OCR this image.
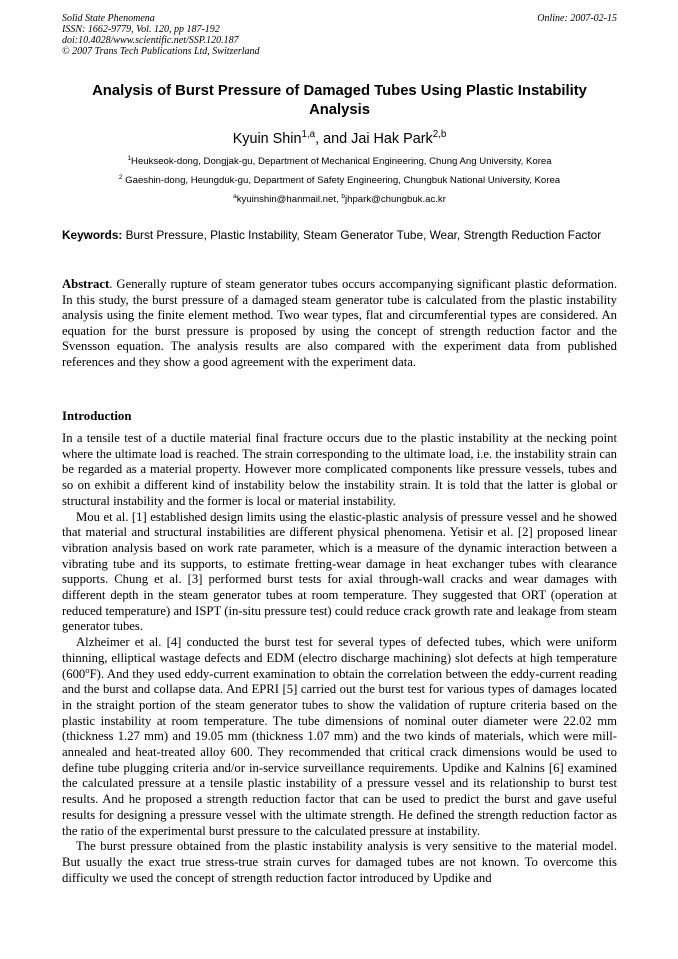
Solid State Phenomena
ISSN: 1662-9779, Vol. 120, pp 187-192
doi:10.4028/www.scientific.net/SSP.120.187
© 2007 Trans Tech Publications Ltd, Switzerland
Online: 2007-02-15
Analysis of Burst Pressure of Damaged Tubes Using Plastic Instability
Analysis
Kyuin Shin$^{1,a}$, and Jai Hak Park$^{2,b}$
$^1$Heukseok-dong, Dongjak-gu, Department of Mechanical Engineering, Chung Ang University, Korea
$^2$ Gaeshin-dong, Heungduk-gu, Department of Safety Engineering, Chungbuk National University, Korea
$^a$kyuinshin@hanmail.net, $^b$jhpark@chungbuk.ac.kr
Keywords: Burst Pressure, Plastic Instability, Steam Generator Tube, Wear, Strength Reduction Factor
Abstract. Generally rupture of steam generator tubes occurs accompanying significant plastic deformation. In this study, the burst pressure of a damaged steam generator tube is calculated from the plastic instability analysis using the finite element method. Two wear types, flat and circumferential types are considered. An equation for the burst pressure is proposed by using the concept of strength reduction factor and the Svensson equation. The analysis results are also compared with the experiment data from published references and they show a good agreement with the experiment data.
Introduction

In a tensile test of a ductile material final fracture occurs due to the plastic instability at the necking point where the ultimate load is reached. The strain corresponding to the ultimate load, i.e. the instability strain can be regarded as a material property. However more complicated components like pressure vessels, tubes and so on exhibit a different kind of instability below the instability strain. It is told that the latter is global or structural instability and the former is local or material instability.

Mou et al. [1] established design limits using the elastic-plastic analysis of pressure vessel and he showed that material and structural instabilities are different physical phenomena. Yetisir et al. [2] proposed linear vibration analysis based on work rate parameter, which is a measure of the dynamic interaction between a vibrating tube and its supports, to estimate fretting-wear damage in heat exchanger tubes with clearance supports. Chung et al. [3] performed burst tests for axial through-wall cracks and wear damages with different depth in the steam generator tubes at room temperature. They suggested that ORT (operation at reduced temperature) and ISPT (in-situ pressure test) could reduce crack growth rate and leakage from steam generator tubes.

Alzheimer et al. [4] conducted the burst test for several types of defected tubes, which were uniform thinning, elliptical wastage defects and EDM (electro discharge machining) slot defects at high temperature (600$^o$F). And they used eddy-current examination to obtain the correlation between the eddy-current reading and the burst and collapse data. And EPRI [5] carried out the burst test for various types of damages located in the straight portion of the steam generator tubes to show the validation of rupture criteria based on the plastic instability at room temperature. The tube dimensions of nominal outer diameter were 22.02 mm (thickness 1.27 mm) and 19.05 mm (thickness 1.07 mm) and the two kinds of materials, which were mill-annealed and heat-treated alloy 600. They recommended that critical crack dimensions would be used to define tube plugging criteria and/or in-service surveillance requirements. Updike and Kalnins [6] examined the calculated pressure at a tensile plastic instability of a pressure vessel and its relationship to burst test results. And he proposed a strength reduction factor that can be used to predict the burst and gave useful results for designing a pressure vessel with the ultimate strength. He defined the strength reduction factor as the ratio of the experimental burst pressure to the calculated pressure at instability.

The burst pressure obtained from the plastic instability analysis is very sensitive to the material model. But usually the exact true stress-true strain curves for damaged tubes are not known. To overcome this difficulty we used the concept of strength reduction factor introduced by Updike and
